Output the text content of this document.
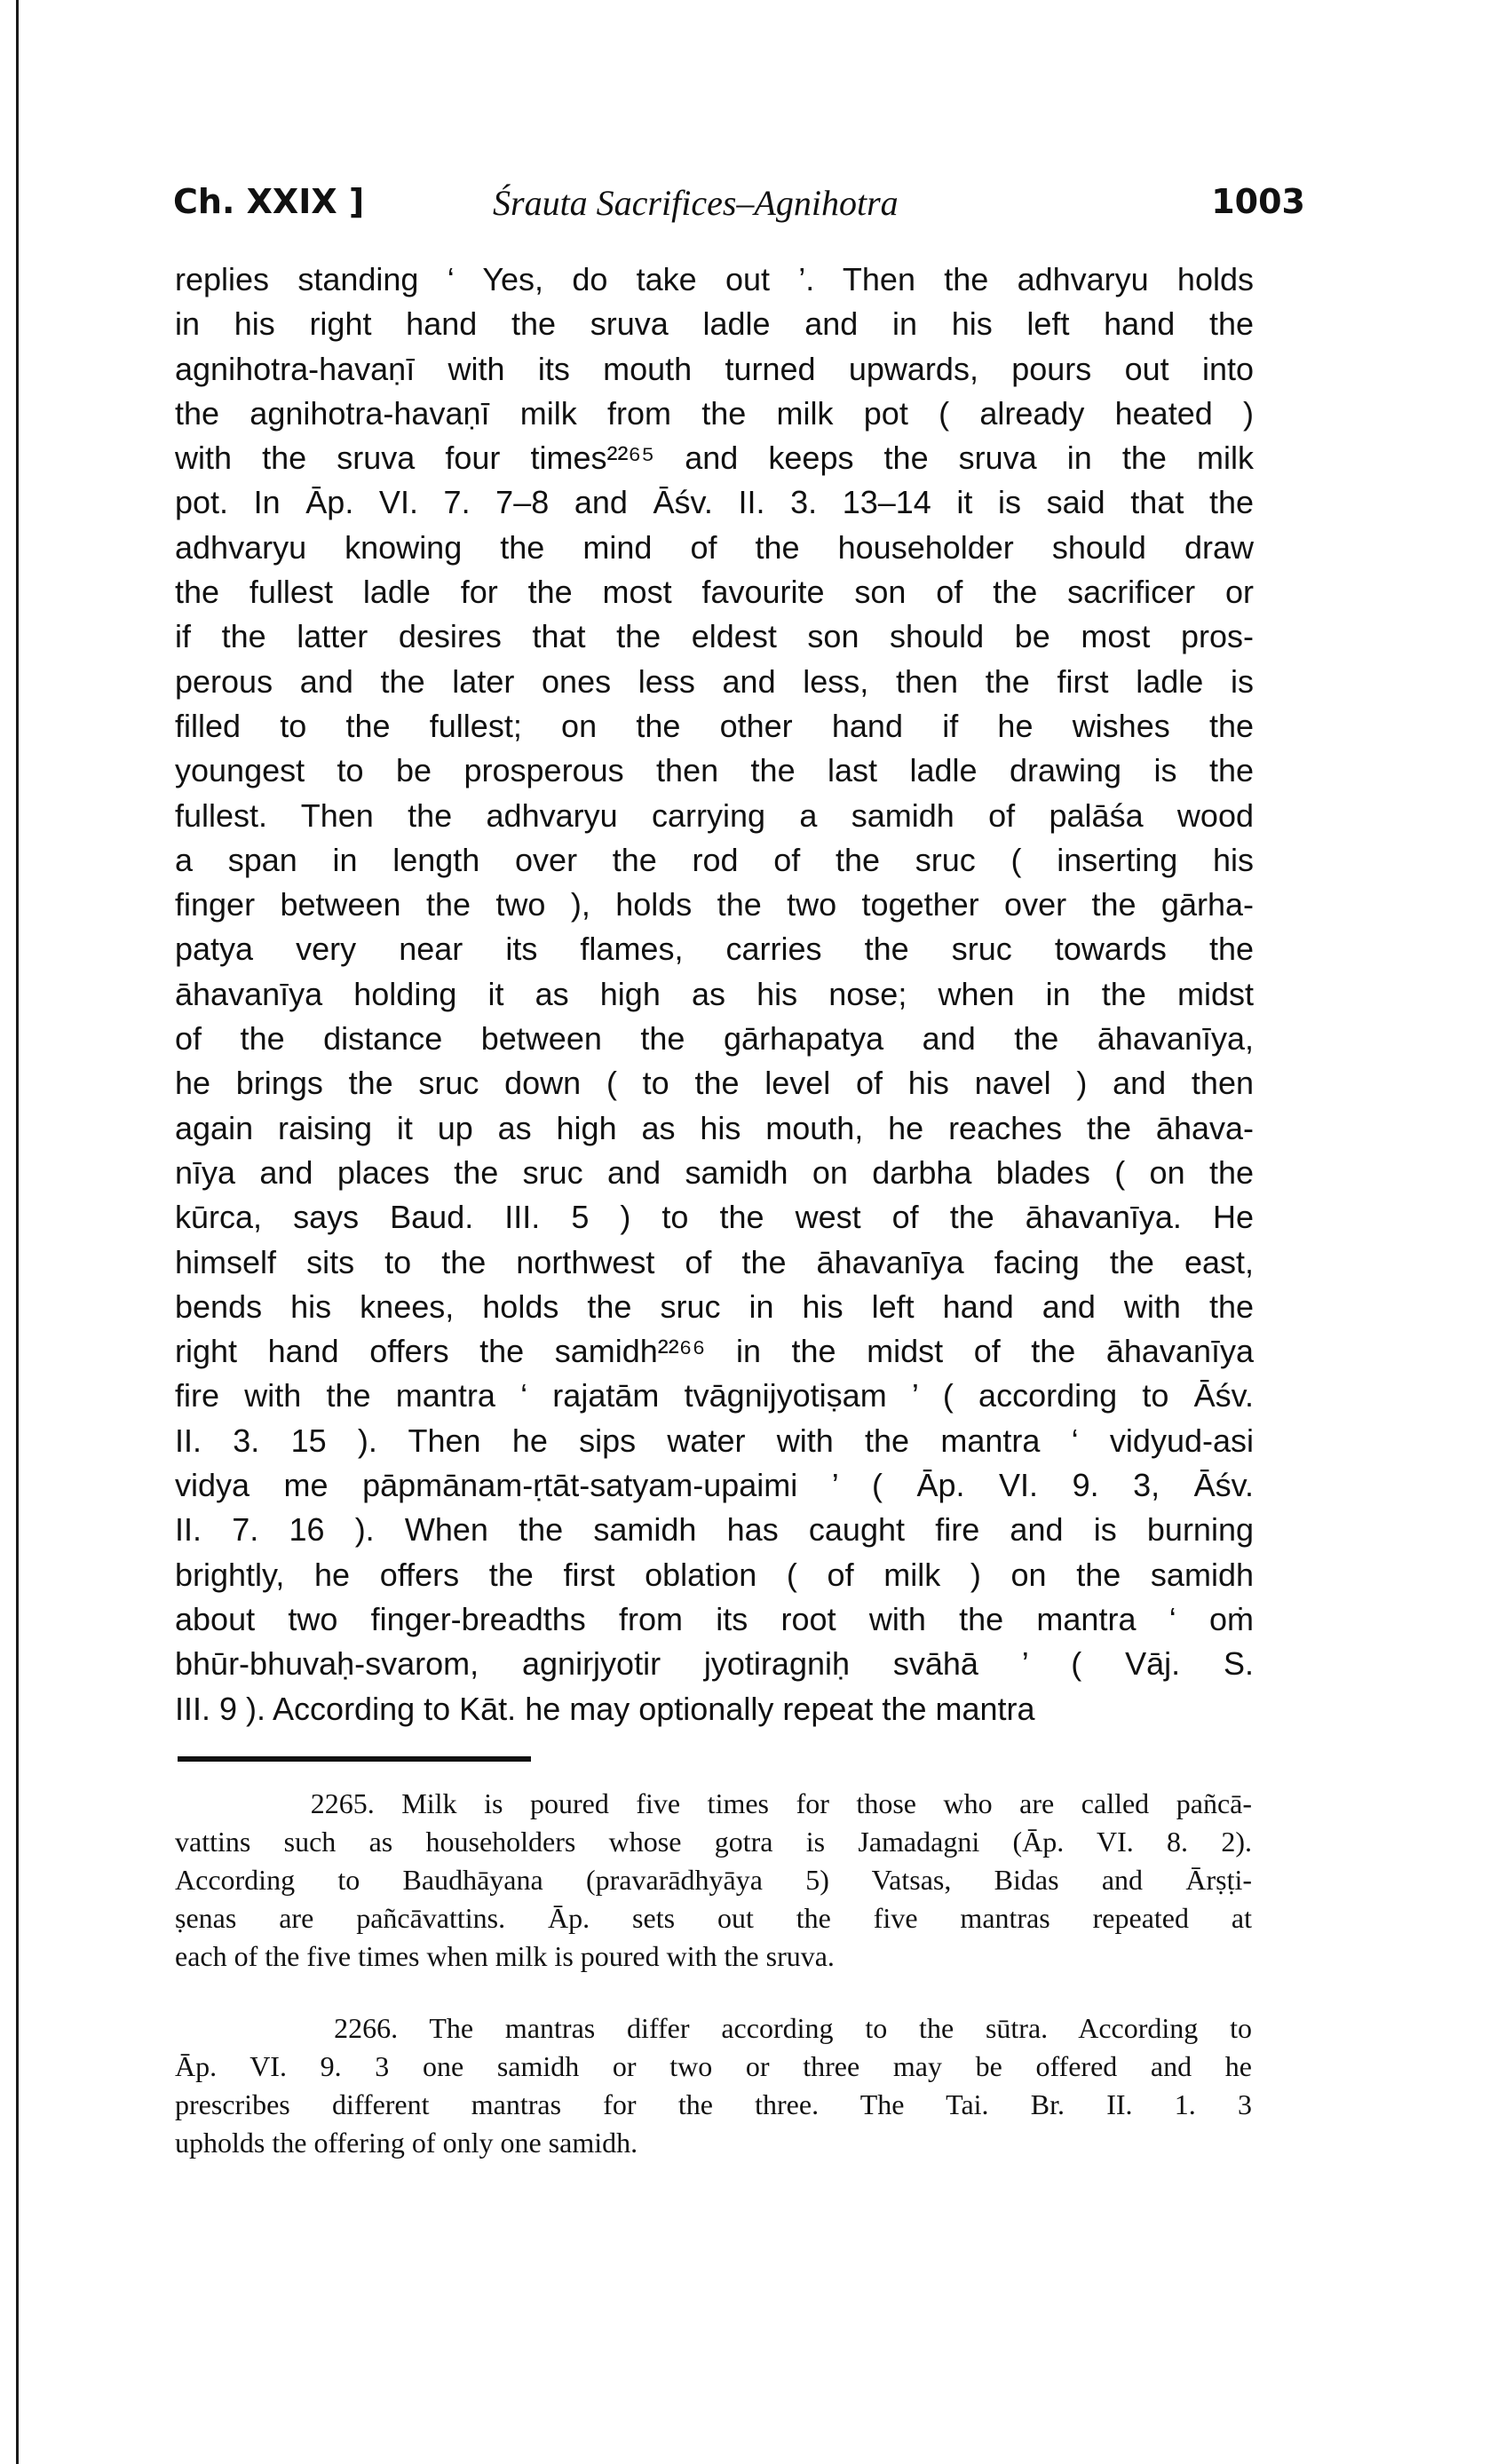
Ch. XXIX ]	Śrauta Sacrifices–Agnihotra	1003
replies standing ‘ Yes, do take out ’. Then the adhvaryu holds
in his right hand the sruva ladle and in his left hand the
agnihotra-havaṇī with its mouth turned upwards, pours out into
the agnihotra-havaṇī milk from the milk pot ( already heated )
with the sruva four times²²⁶⁵ and keeps the sruva in the milk
pot. In Āp. VI. 7. 7–8 and Āśv. II. 3. 13–14 it is said that the
adhvaryu knowing the mind of the householder should draw
the fullest ladle for the most favourite son of the sacrificer or
if the latter desires that the eldest son should be most pros-
perous and the later ones less and less, then the first ladle is
filled to the fullest; on the other hand if he wishes the
youngest to be prosperous then the last ladle drawing is the
fullest. Then the adhvaryu carrying a samidh of palāśa wood
a span in length over the rod of the sruc ( inserting his
finger between the two ), holds the two together over the gārha-
patya very near its flames, carries the sruc towards the
āhavanīya holding it as high as his nose; when in the midst
of the distance between the gārhapatya and the āhavanīya,
he brings the sruc down ( to the level of his navel ) and then
again raising it up as high as his mouth, he reaches the āhava-
nīya and places the sruc and samidh on darbha blades ( on the
kūrca, says Baud. III. 5 ) to the west of the āhavanīya. He
himself sits to the northwest of the āhavanīya facing the east,
bends his knees, holds the sruc in his left hand and with the
right hand offers the samidh²²⁶⁶ in the midst of the āhavanīya
fire with the mantra ‘ rajatām tvāgnijyotiṣam ’ ( according to Āśv.
II. 3. 15 ). Then he sips water with the mantra ‘ vidyud-asi
vidya me pāpmānam-ṛtāt-satyam-upaimi ’ ( Āp. VI. 9. 3, Āśv.
II. 7. 16 ). When the samidh has caught fire and is burning
brightly, he offers the first oblation ( of milk ) on the samidh
about two finger-breadths from its root with the mantra ‘ oṁ
bhūr-bhuvaḥ-svarom, agnirjyotir jyotiragniḥ svāhā ’ ( Vāj. S.
III. 9 ). According to Kāt. he may optionally repeat the mantra
2265. Milk is poured five times for those who are called pañcā-
vattins such as householders whose gotra is Jamadagni (Āp. VI. 8. 2).
According to Baudhāyana (pravarādhyāya 5) Vatsas, Bidas and Ārṣṭi-
ṣenas are pañcāvattins. Āp. sets out the five mantras repeated at
each of the five times when milk is poured with the sruva.
2266. The mantras differ according to the sūtra. According to
Āp. VI. 9. 3 one samidh or two or three may be offered and he
prescribes different mantras for the three. The Tai. Br. II. 1. 3
upholds the offering of only one samidh.
